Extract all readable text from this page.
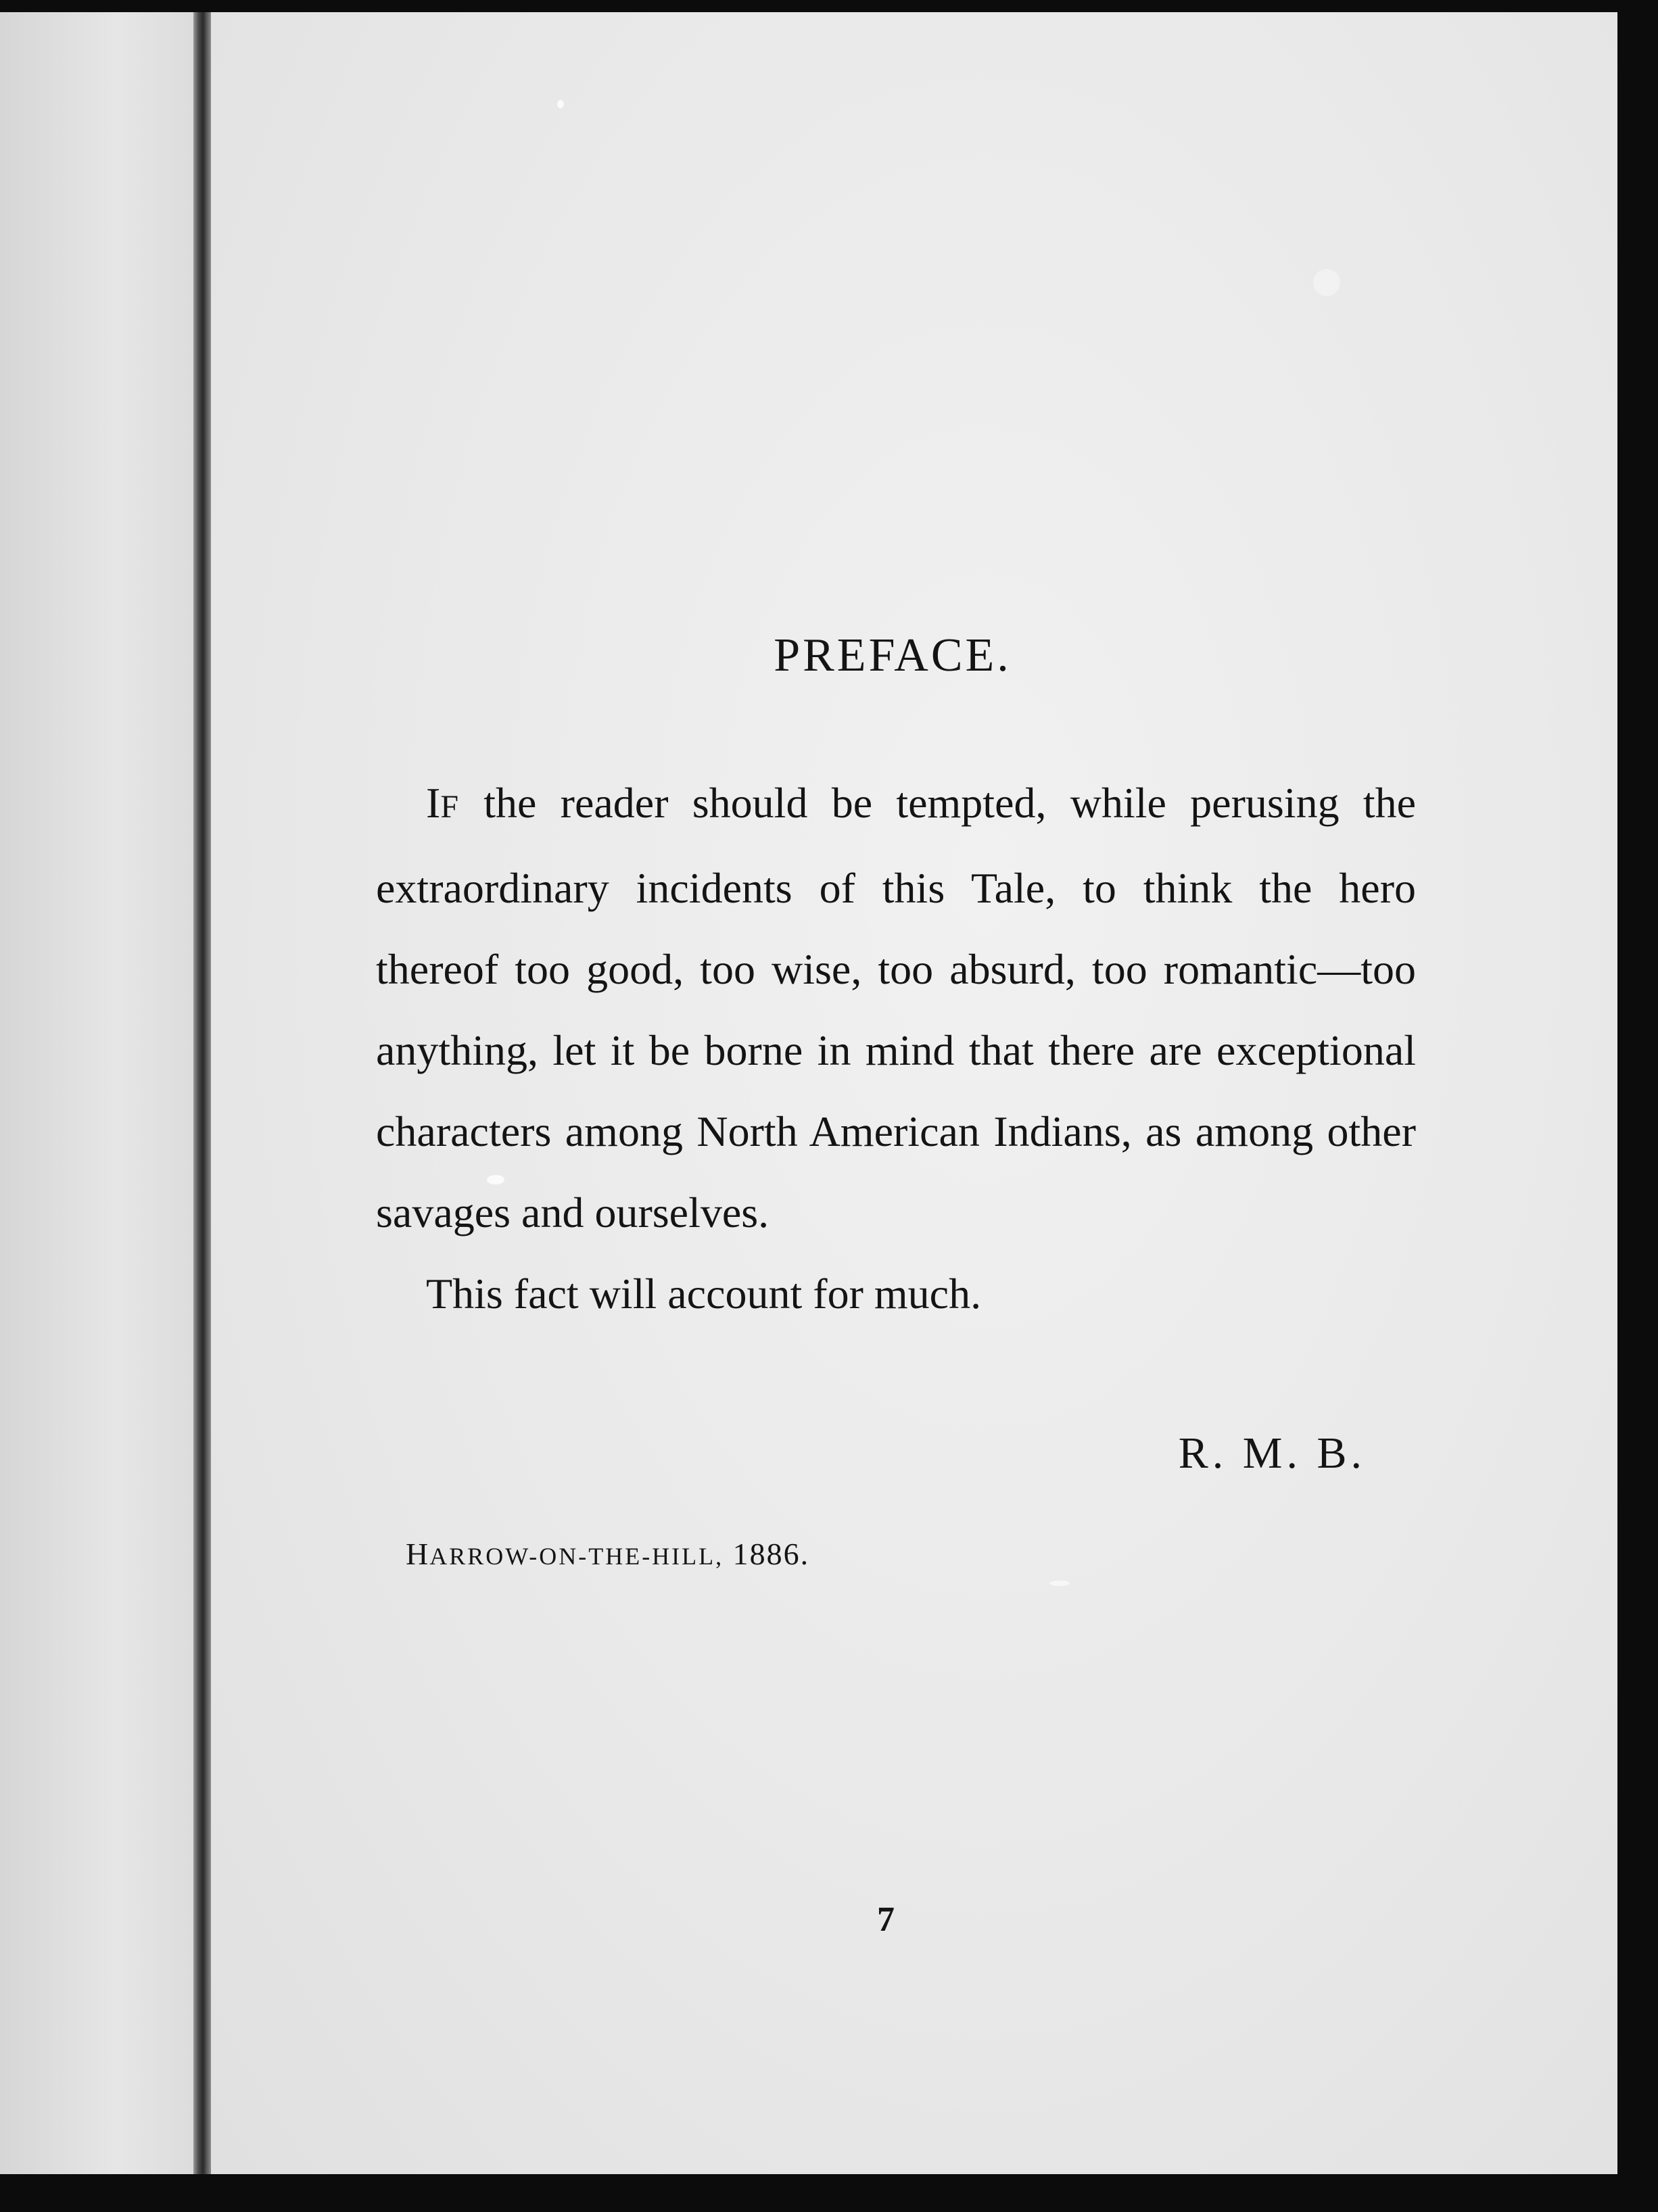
PREFACE.

IF the reader should be tempted, while perusing the extraordinary incidents of this Tale, to think the hero thereof too good, too wise, too absurd, too romantic—too anything, let it be borne in mind that there are exceptional characters among North American Indians, as among other savages and ourselves.

This fact will account for much.

R. M. B.
HARROW-ON-THE-HILL, 1886.
7
